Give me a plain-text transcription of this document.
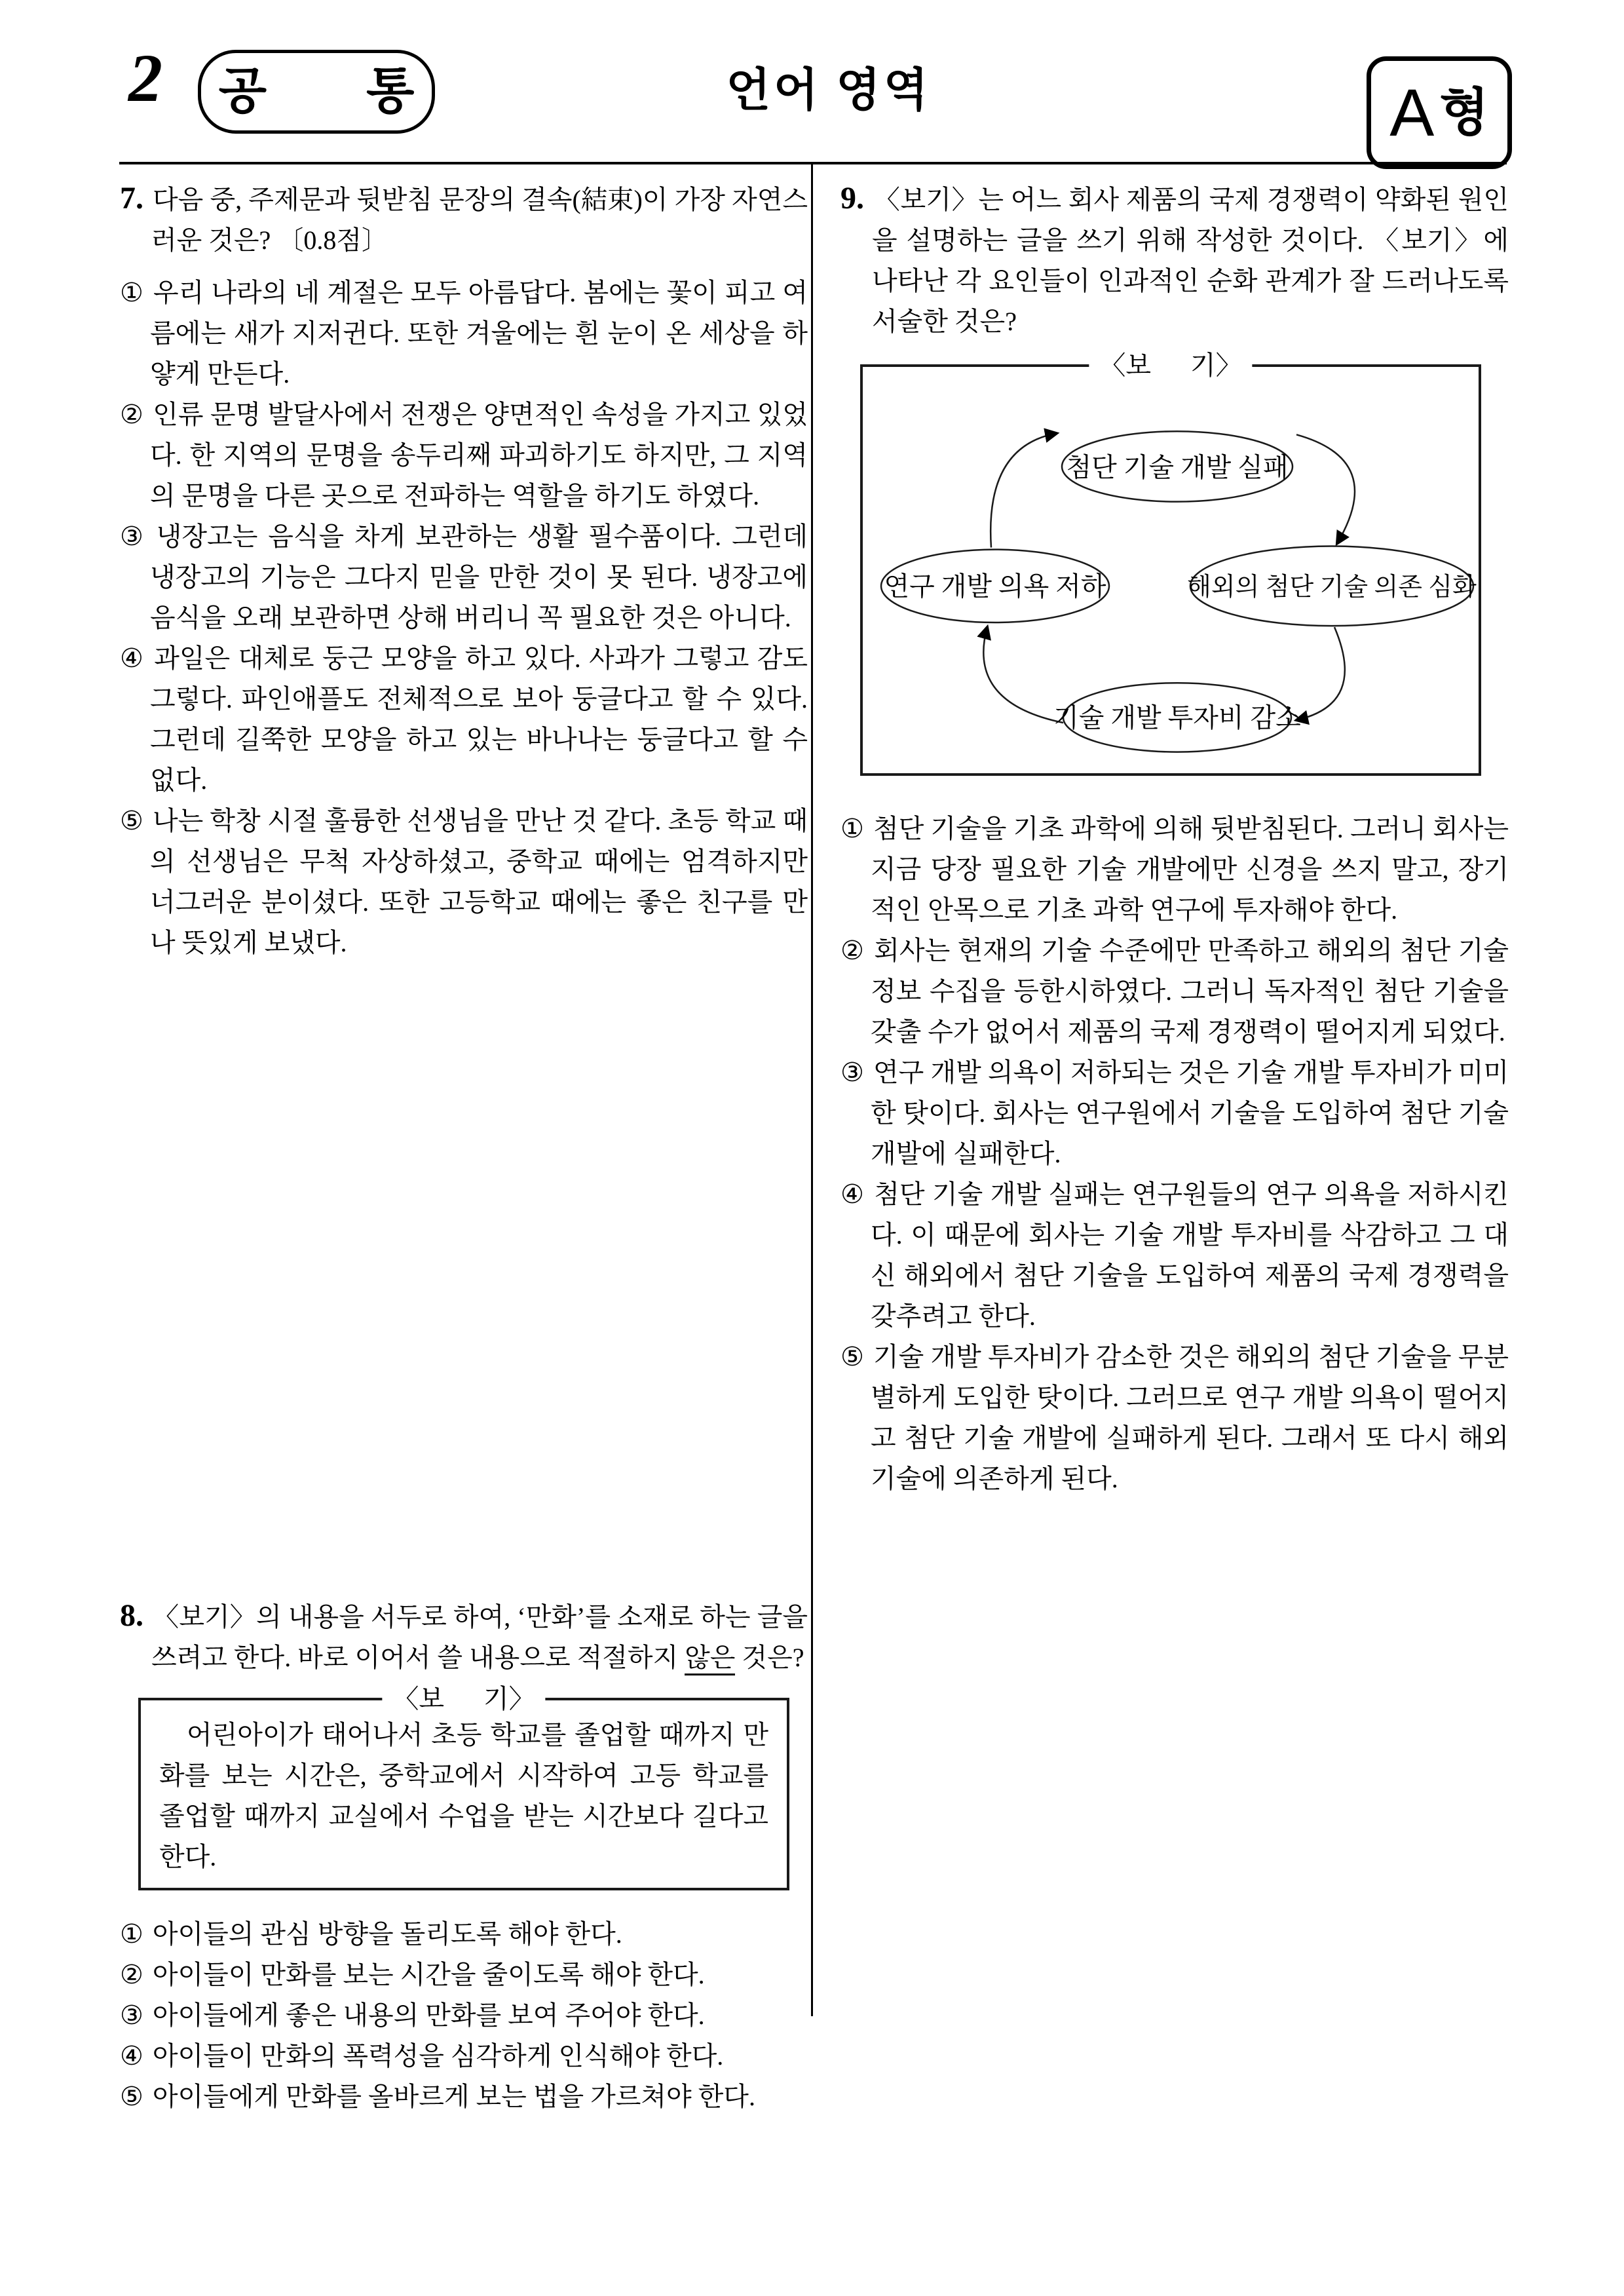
2 공        통	언어 영역	A 형

7. 다음 중, 주제문과 뒷받침 문장의 결속(結束)이 가장 자연스러운 것은? 〔0.8점〕

① 우리 나라의 네 계절은 모두 아름답다. 봄에는 꽃이 피고 여름에는 새가 지저귄다. 또한 겨울에는 흰 눈이 온 세상을 하얗게 만든다.

② 인류 문명 발달사에서 전쟁은 양면적인 속성을 가지고 있었다. 한 지역의 문명을 송두리째 파괴하기도 하지만, 그 지역의 문명을 다른 곳으로 전파하는 역할을 하기도 하였다.

③ 냉장고는 음식을 차게 보관하는 생활 필수품이다. 그런데 냉장고의 기능은 그다지 믿을 만한 것이 못 된다. 냉장고에 음식을 오래 보관하면 상해 버리니 꼭 필요한 것은 아니다.

④ 과일은 대체로 둥근 모양을 하고 있다. 사과가 그렇고 감도 그렇다. 파인애플도 전체적으로 보아 둥글다고 할 수 있다. 그런데 길쭉한 모양을 하고 있는 바나나는 둥글다고 할 수 없다.

⑤ 나는 학창 시절 훌륭한 선생님을 만난 것 같다. 초등 학교 때의 선생님은 무척 자상하셨고, 중학교 때에는 엄격하지만 너그러운 분이셨다. 또한 고등학교 때에는 좋은 친구를 만나 뜻있게 보냈다.

8. 〈보기〉의 내용을 서두로 하여, ‘만화’를 소재로 하는 글을 쓰려고 한다. 바로 이어서 쓸 내용으로 적절하지 않은 것은?

〈보      기〉

어린아이가 태어나서 초등 학교를 졸업할 때까지 만화를 보는 시간은, 중학교에서 시작하여 고등 학교를 졸업할 때까지 교실에서 수업을 받는 시간보다 길다고 한다.

① 아이들의 관심 방향을 돌리도록 해야 한다.

② 아이들이 만화를 보는 시간을 줄이도록 해야 한다.

③ 아이들에게 좋은 내용의 만화를 보여 주어야 한다.

④ 아이들이 만화의 폭력성을 심각하게 인식해야 한다.

⑤ 아이들에게 만화를 올바르게 보는 법을 가르쳐야 한다.

9. 〈보기〉는 어느 회사 제품의 국제 경쟁력이 약화된 원인을 설명하는 글을 쓰기 위해 작성한 것이다. 〈보기〉에 나타난 각 요인들이 인과적인 순화 관계가 잘 드러나도록 서술한 것은?

〈보      기〉
첨단 기술 개발 실패
해외의 첨단 기술 의존 심화
연구 개발 의욕 저하
기술 개발 투자비 감소

① 첨단 기술을 기초 과학에 의해 뒷받침된다. 그러니 회사는 지금 당장 필요한 기술 개발에만 신경을 쓰지 말고, 장기적인 안목으로 기초 과학 연구에 투자해야 한다.

② 회사는 현재의 기술 수준에만 만족하고 해외의 첨단 기술 정보 수집을 등한시하였다. 그러니 독자적인 첨단 기술을 갖출 수가 없어서 제품의 국제 경쟁력이 떨어지게 되었다.

③ 연구 개발 의욕이 저하되는 것은 기술 개발 투자비가 미미한 탓이다. 회사는 연구원에서 기술을 도입하여 첨단 기술 개발에 실패한다.

④ 첨단 기술 개발 실패는 연구원들의 연구 의욕을 저하시킨다. 이 때문에 회사는 기술 개발 투자비를 삭감하고 그 대신 해외에서 첨단 기술을 도입하여 제품의 국제 경쟁력을 갖추려고 한다.

⑤ 기술 개발 투자비가 감소한 것은 해외의 첨단 기술을 무분별하게 도입한 탓이다. 그러므로 연구 개발 의욕이 떨어지고 첨단 기술 개발에 실패하게 된다. 그래서 또 다시 해외 기술에 의존하게 된다.
